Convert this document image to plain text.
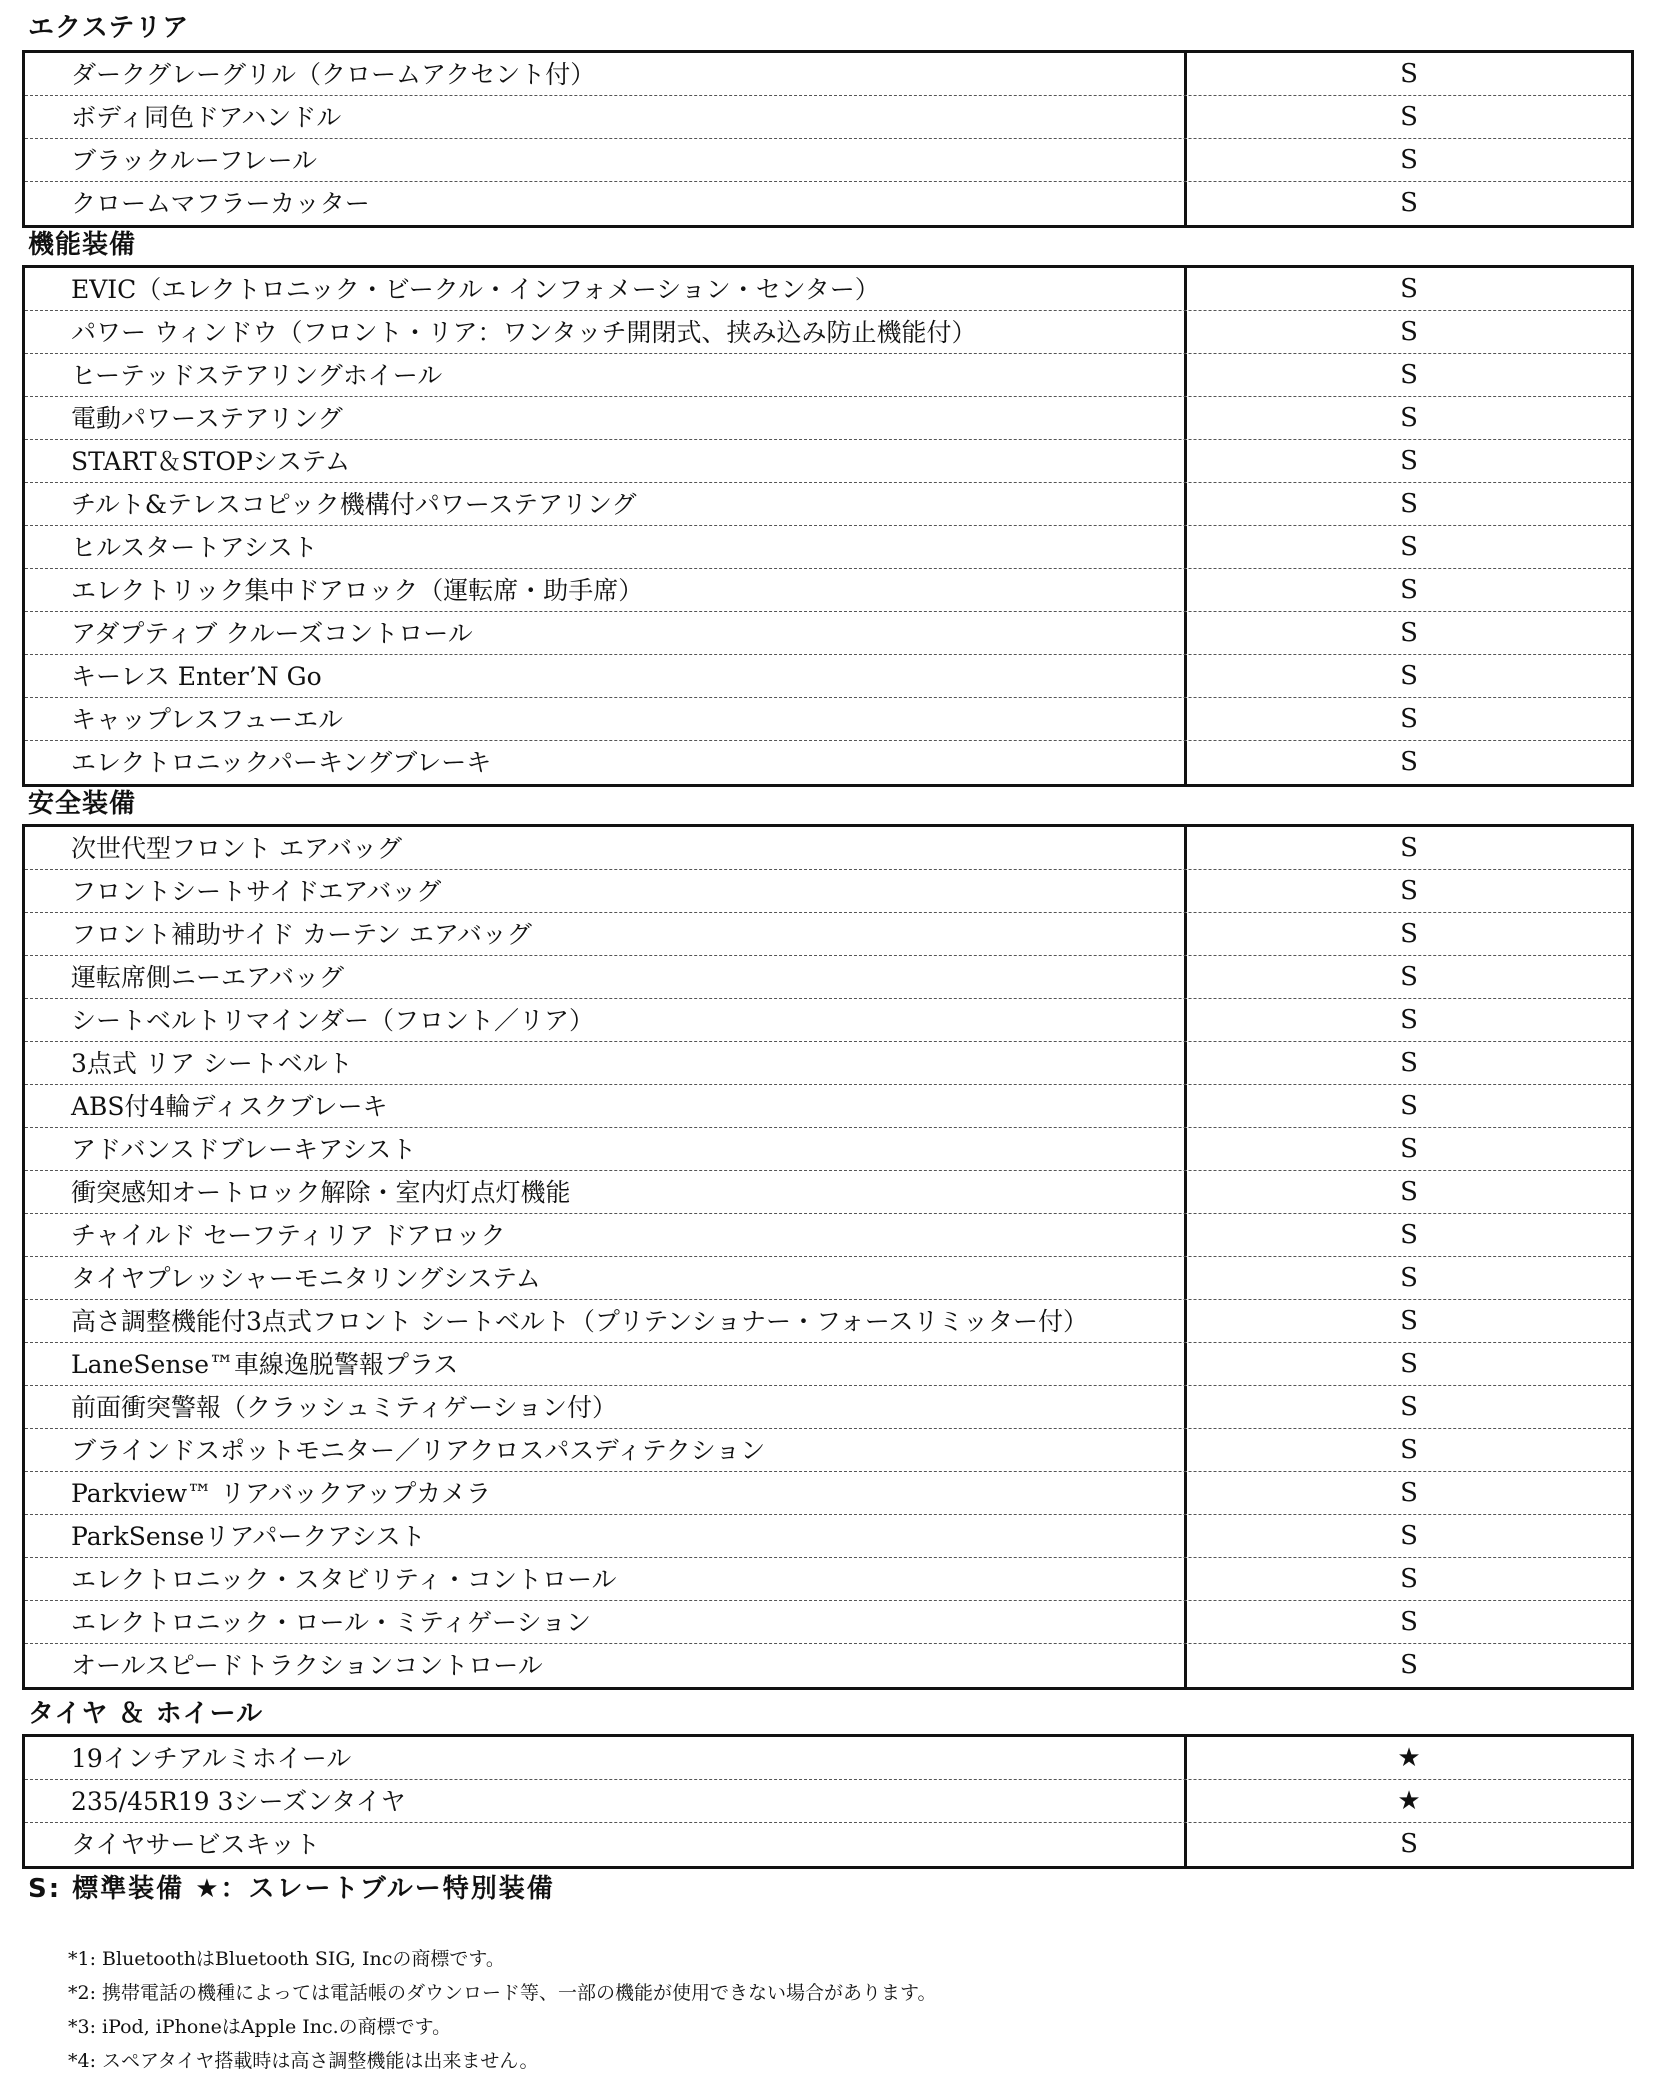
エクステリア
ダークグレーグリル（クロームアクセント付）	S
ボディ同色ドアハンドル	S
ブラックルーフレール	S
クロームマフラーカッター	S
機能装備
EVIC（エレクトロニック・ビークル・インフォメーション・センター）	S
パワー ウィンドウ（フロント・リア：ワンタッチ開閉式、挟み込み防止機能付）	S
ヒーテッドステアリングホイール	S
電動パワーステアリング	S
START＆STOPシステム	S
チルト&テレスコピック機構付パワーステアリング	S
ヒルスタートアシスト	S
エレクトリック集中ドアロック（運転席・助手席）	S
アダプティブ クルーズコントロール	S
キーレス Enter’N Go	S
キャップレスフューエル	S
エレクトロニックパーキングブレーキ	S
安全装備
次世代型フロント エアバッグ	S
フロントシートサイドエアバッグ	S
フロント補助サイド カーテン エアバッグ	S
運転席側ニーエアバッグ	S
シートベルトリマインダー（フロント／リア）	S
3点式 リア シートベルト	S
ABS付4輪ディスクブレーキ	S
アドバンスドブレーキアシスト	S
衝突感知オートロック解除・室内灯点灯機能	S
チャイルド セーフティリア ドアロック	S
タイヤプレッシャーモニタリングシステム	S
高さ調整機能付3点式フロント シートベルト（プリテンショナー・フォースリミッター付）	S
LaneSense™車線逸脱警報プラス	S
前面衝突警報（クラッシュミティゲーション付）	S
ブラインドスポットモニター／リアクロスパスディテクション	S
Parkview™ リアバックアップカメラ	S
ParkSenseリアパークアシスト	S
エレクトロニック・スタビリティ・コントロール	S
エレクトロニック・ロール・ミティゲーション	S
オールスピードトラクションコントロール	S
タイヤ ＆ ホイール
19インチアルミホイール	★
235/45R19 3シーズンタイヤ	★
タイヤサービスキット	S
S: 標準装備 ★：スレートブルー特別装備
*1: BluetoothはBluetooth SIG, Incの商標です。
*2: 携帯電話の機種によっては電話帳のダウンロード等、一部の機能が使用できない場合があります。
*3: iPod, iPhoneはApple Inc.の商標です。
*4: スペアタイヤ搭載時は高さ調整機能は出来ません。
